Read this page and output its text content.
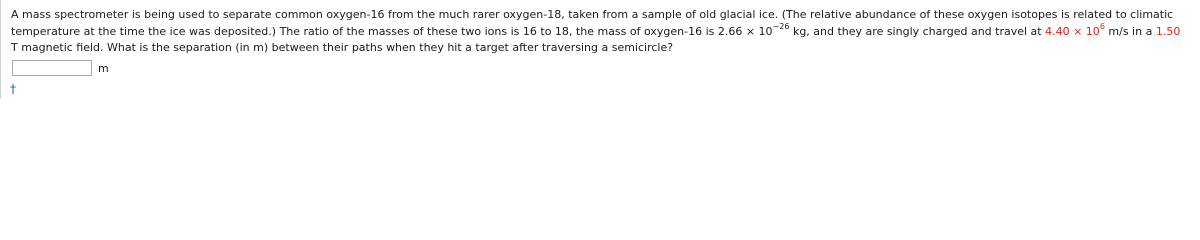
A mass spectrometer is being used to separate common oxygen-16 from the much rarer oxygen-18, taken from a sample of old glacial ice. (The relative abundance of these oxygen isotopes is related to climatic temperature at the time the ice was deposited.) The ratio of the masses of these two ions is 16 to 18, the mass of oxygen-16 is $2.66 \times 10^{-26}$ kg, and they are singly charged and travel at $4.40 \times 10^6$ m/s in a 1.50 T magnetic field. What is the separation (in m) between their paths when they hit a target after traversing a semicircle?

m
†
